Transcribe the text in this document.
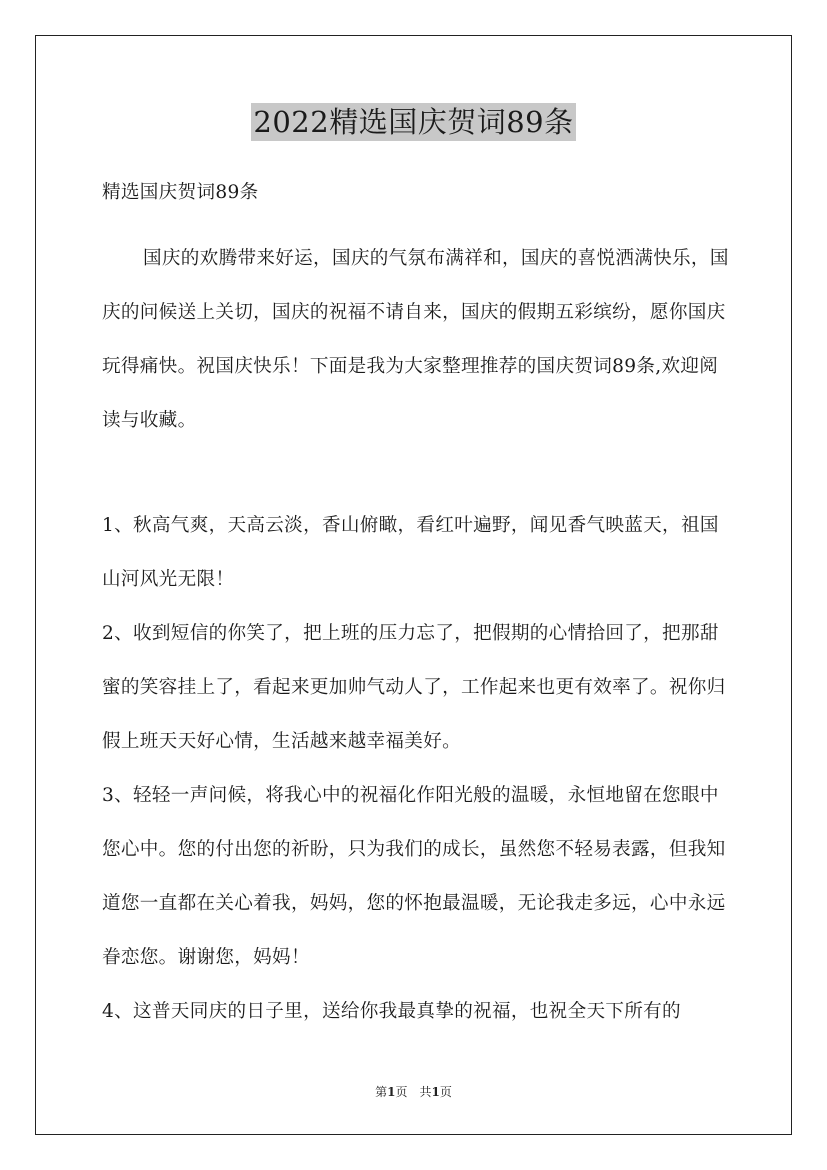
2022精选国庆贺词89条
精选国庆贺词89条
国庆的欢腾带来好运，国庆的气氛布满祥和，国庆的喜悦洒满快乐，国庆的问候送上关切，国庆的祝福不请自来，国庆的假期五彩缤纷，愿你国庆玩得痛快。祝国庆快乐！下面是我为大家整理推荐的国庆贺词89条,欢迎阅读与收藏。

1、秋高气爽，天高云淡，香山俯瞰，看红叶遍野，闻见香气映蓝天，祖国山河风光无限！

2、收到短信的你笑了，把上班的压力忘了，把假期的心情拾回了，把那甜蜜的笑容挂上了，看起来更加帅气动人了，工作起来也更有效率了。祝你归假上班天天好心情，生活越来越幸福美好。

3、轻轻一声问候，将我心中的祝福化作阳光般的温暖，永恒地留在您眼中您心中。您的付出您的祈盼，只为我们的成长，虽然您不轻易表露，但我知道您一直都在关心着我，妈妈，您的怀抱最温暖，无论我走多远，心中永远眷恋您。谢谢您，妈妈！

4、这普天同庆的日子里，送给你我最真挚的祝福，也祝全天下所有的

第1页　共1页
